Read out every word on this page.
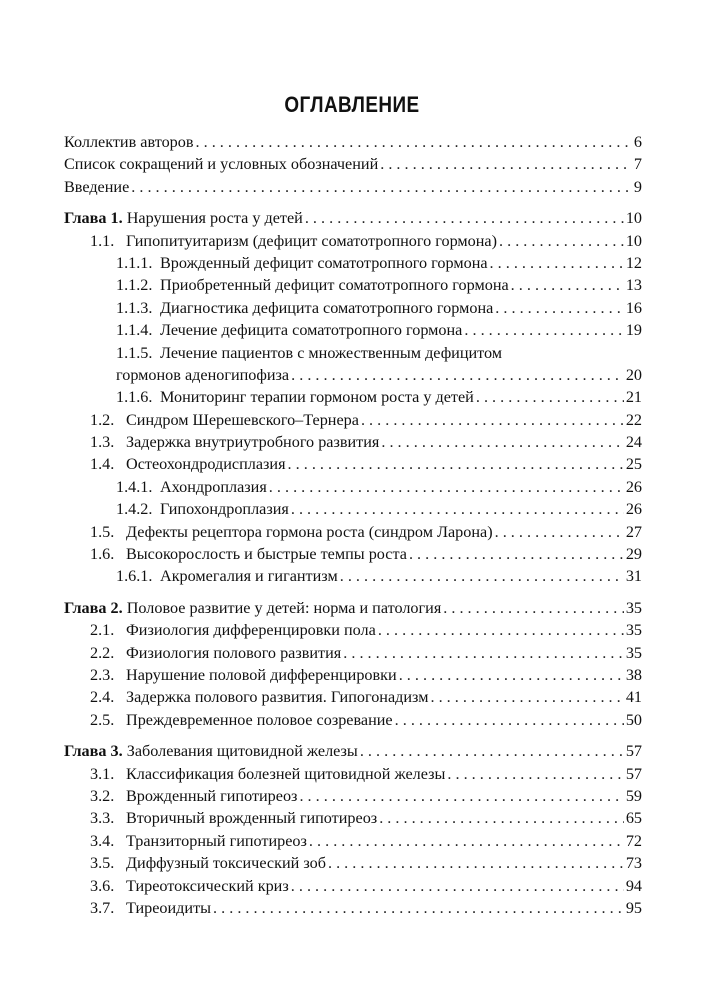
ОГЛАВЛЕНИЕ
Коллектив авторов . . .	6
Список сокращений и условных обозначений . . .	7
Введение . . .	9
Глава 1. Нарушения роста у детей . . .	10
1.1. Гипопитуитаризм (дефицит соматотропного гормона) . . .	10
1.1.1. Врожденный дефицит соматотропного гормона . . .	12
1.1.2. Приобретенный дефицит соматотропного гормона . . .	13
1.1.3. Диагностика дефицита соматотропного гормона . . .	16
1.1.4. Лечение дефицита соматотропного гормона . . .	19
1.1.5. Лечение пациентов с множественным дефицитом
гормонов аденогипофиза . . .	20
1.1.6. Мониторинг терапии гормоном роста у детей . . .	21
1.2. Синдром Шерешевского–Тернера . . .	22
1.3. Задержка внутриутробного развития . . .	24
1.4. Остеохондродисплазия . . .	25
1.4.1. Ахондроплазия . . .	26
1.4.2. Гипохондроплазия . . .	26
1.5. Дефекты рецептора гормона роста (синдром Ларона) . . .	27
1.6. Высокорослость и быстрые темпы роста . . .	29
1.6.1. Акромегалия и гигантизм . . .	31
Глава 2. Половое развитие у детей: норма и патология . . .	35
2.1. Физиология дифференцировки пола . . .	35
2.2. Физиология полового развития . . .	35
2.3. Нарушение половой дифференцировки . . .	38
2.4. Задержка полового развития. Гипогонадизм . . .	41
2.5. Преждевременное половое созревание . . .	50
Глава 3. Заболевания щитовидной железы . . .	57
3.1. Классификация болезней щитовидной железы . . .	57
3.2. Врожденный гипотиреоз . . .	59
3.3. Вторичный врожденный гипотиреоз . . .	65
3.4. Транзиторный гипотиреоз . . .	72
3.5. Диффузный токсический зоб . . .	73
3.6. Тиреотоксический криз . . .	94
3.7. Тиреоидиты . . .	95
